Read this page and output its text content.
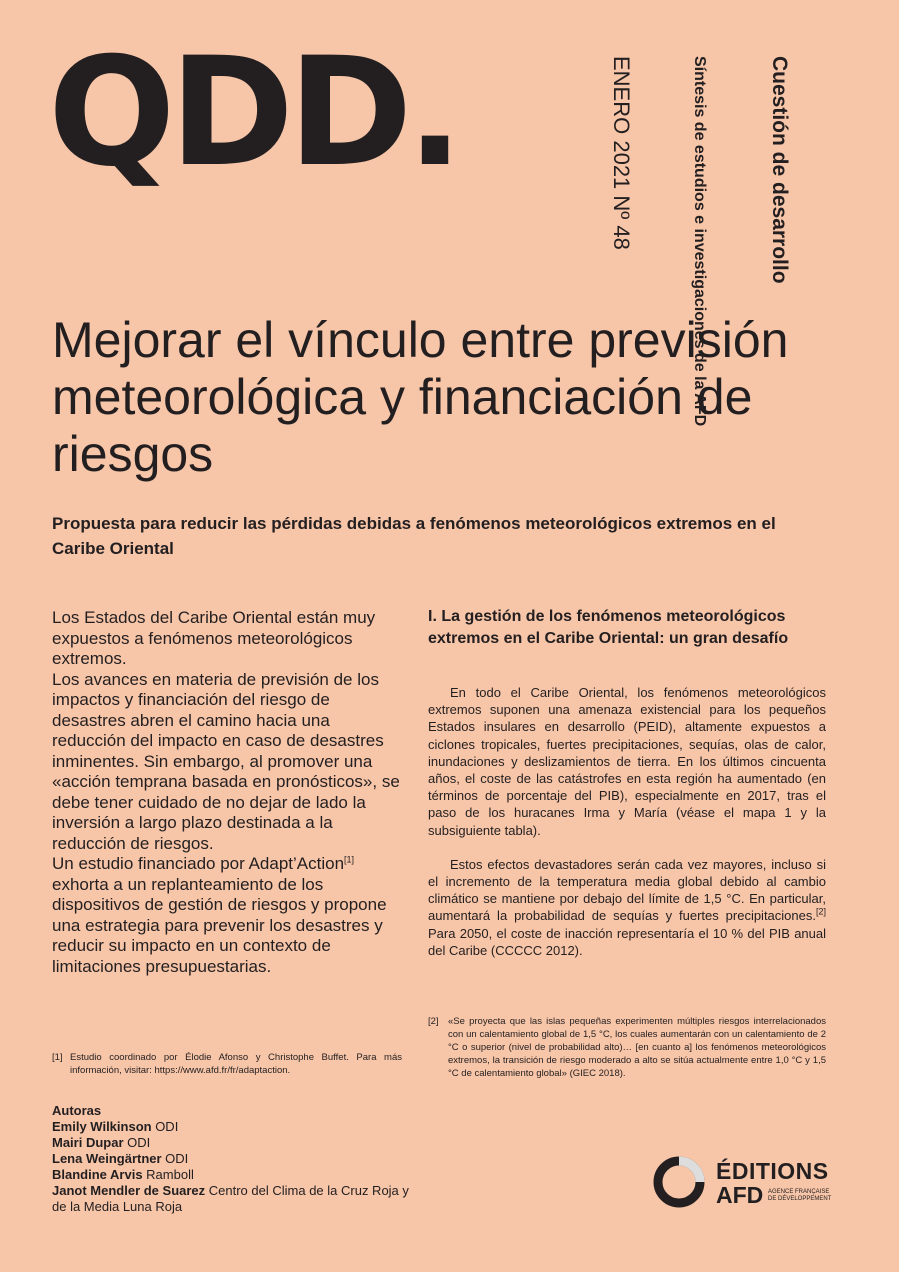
QDD.	Cuestión de desarrollo
Síntesis de estudios e investigaciones de la AFD
ENERO 2021 Nº 48
Mejorar el vínculo entre previsión meteorológica y financiación de riesgos
Propuesta para reducir las pérdidas debidas a fenómenos meteorológicos extremos en el Caribe Oriental

Los Estados del Caribe Oriental están muy expuestos a fenómenos meteorológicos extremos.

Los avances en materia de previsión de los impactos y financiación del riesgo de desastres abren el camino hacia una reducción del impacto en caso de desastres inminentes. Sin embargo, al promover una «acción temprana basada en pronósticos», se debe tener cuidado de no dejar de lado la inversión a largo plazo destinada a la reducción de riesgos.

Un estudio financiado por Adapt’Action[1] exhorta a un replanteamiento de los dispositivos de gestión de riesgos y propone una estrategia para prevenir los desastres y reducir su impacto en un contexto de limitaciones presupuestarias.

[1] Estudio coordinado por Élodie Afonso y Christophe Buffet. Para más información, visitar: https://www.afd.fr/fr/adaptaction.
Autoras
Emily Wilkinson ODI
Mairi Dupar ODI
Lena Weingärtner ODI
Blandine Arvis Ramboll
Janot Mendler de Suarez Centro del Clima de la Cruz Roja y de la Media Luna Roja
I. La gestión de los fenómenos meteorológicos extremos en el Caribe Oriental: un gran desafío

En todo el Caribe Oriental, los fenómenos meteorológicos extremos suponen una amenaza existencial para los pequeños Estados insulares en desarrollo (PEID), altamente expuestos a ciclones tropicales, fuertes precipitaciones, sequías, olas de calor, inundaciones y deslizamientos de tierra. En los últimos cincuenta años, el coste de las catástrofes en esta región ha aumentado (en términos de porcentaje del PIB), especialmente en 2017, tras el paso de los huracanes Irma y María (véase el mapa 1 y la subsiguiente tabla).

Estos efectos devastadores serán cada vez mayores, incluso si el incremento de la temperatura media global debido al cambio climático se mantiene por debajo del límite de 1,5 °C. En particular, aumentará la probabilidad de sequías y fuertes precipitaciones.[2] Para 2050, el coste de inacción representaría el 10 % del PIB anual del Caribe (CCCCC 2012).

[2] «Se proyecta que las islas pequeñas experimenten múltiples riesgos interrelacionados con un calentamiento global de 1,5 °C, los cuales aumentarán con un calentamiento de 2 °C o superior (nivel de probabilidad alto)… [en cuanto a] los fenómenos meteorológicos extremos, la transición de riesgo moderado a alto se sitúa actualmente entre 1,0 °C y 1,5 °C de calentamiento global» (GIEC 2018).
ÉDITIONS
AFD AGENCE FRANÇAISE DE DÉVELOPPEMENT
